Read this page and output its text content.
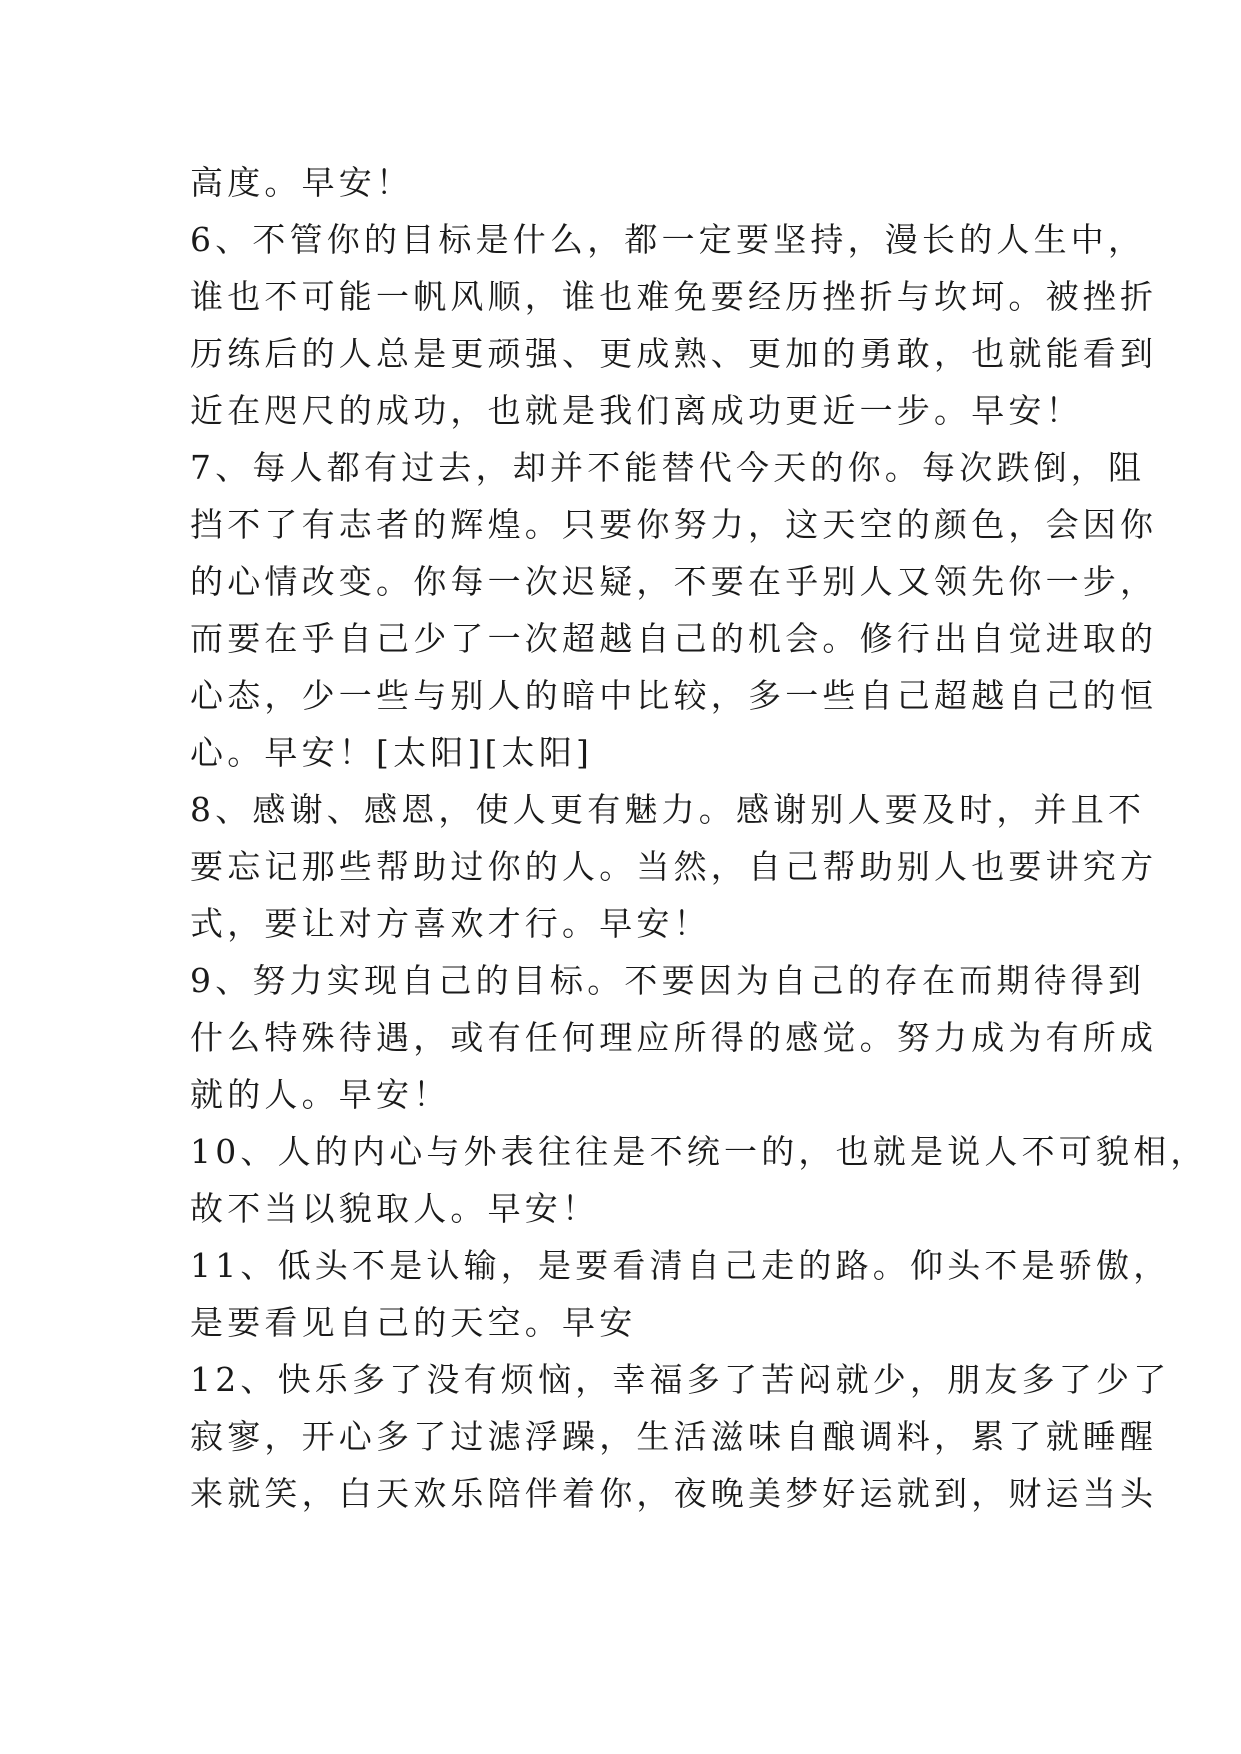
高度。早安！
6、不管你的目标是什么，都一定要坚持，漫长的人生中，
谁也不可能一帆风顺，谁也难免要经历挫折与坎坷。被挫折
历练后的人总是更顽强、更成熟、更加的勇敢，也就能看到
近在咫尺的成功，也就是我们离成功更近一步。早安！
7、每人都有过去，却并不能替代今天的你。每次跌倒，阻
挡不了有志者的辉煌。只要你努力，这天空的颜色，会因你
的心情改变。你每一次迟疑，不要在乎别人又领先你一步，
而要在乎自己少了一次超越自己的机会。修行出自觉进取的
心态，少一些与别人的暗中比较，多一些自己超越自己的恒
心。早安！[太阳][太阳]
8、感谢、感恩，使人更有魅力。感谢别人要及时，并且不
要忘记那些帮助过你的人。当然，自己帮助别人也要讲究方
式，要让对方喜欢才行。早安！
9、努力实现自己的目标。不要因为自己的存在而期待得到
什么特殊待遇，或有任何理应所得的感觉。努力成为有所成
就的人。早安！
10、人的内心与外表往往是不统一的，也就是说人不可貌相，
故不当以貌取人。早安！
11、低头不是认输，是要看清自己走的路。仰头不是骄傲，
是要看见自己的天空。早安
12、快乐多了没有烦恼，幸福多了苦闷就少，朋友多了少了
寂寥，开心多了过滤浮躁，生活滋味自酿调料，累了就睡醒
来就笑，白天欢乐陪伴着你，夜晚美梦好运就到，财运当头
